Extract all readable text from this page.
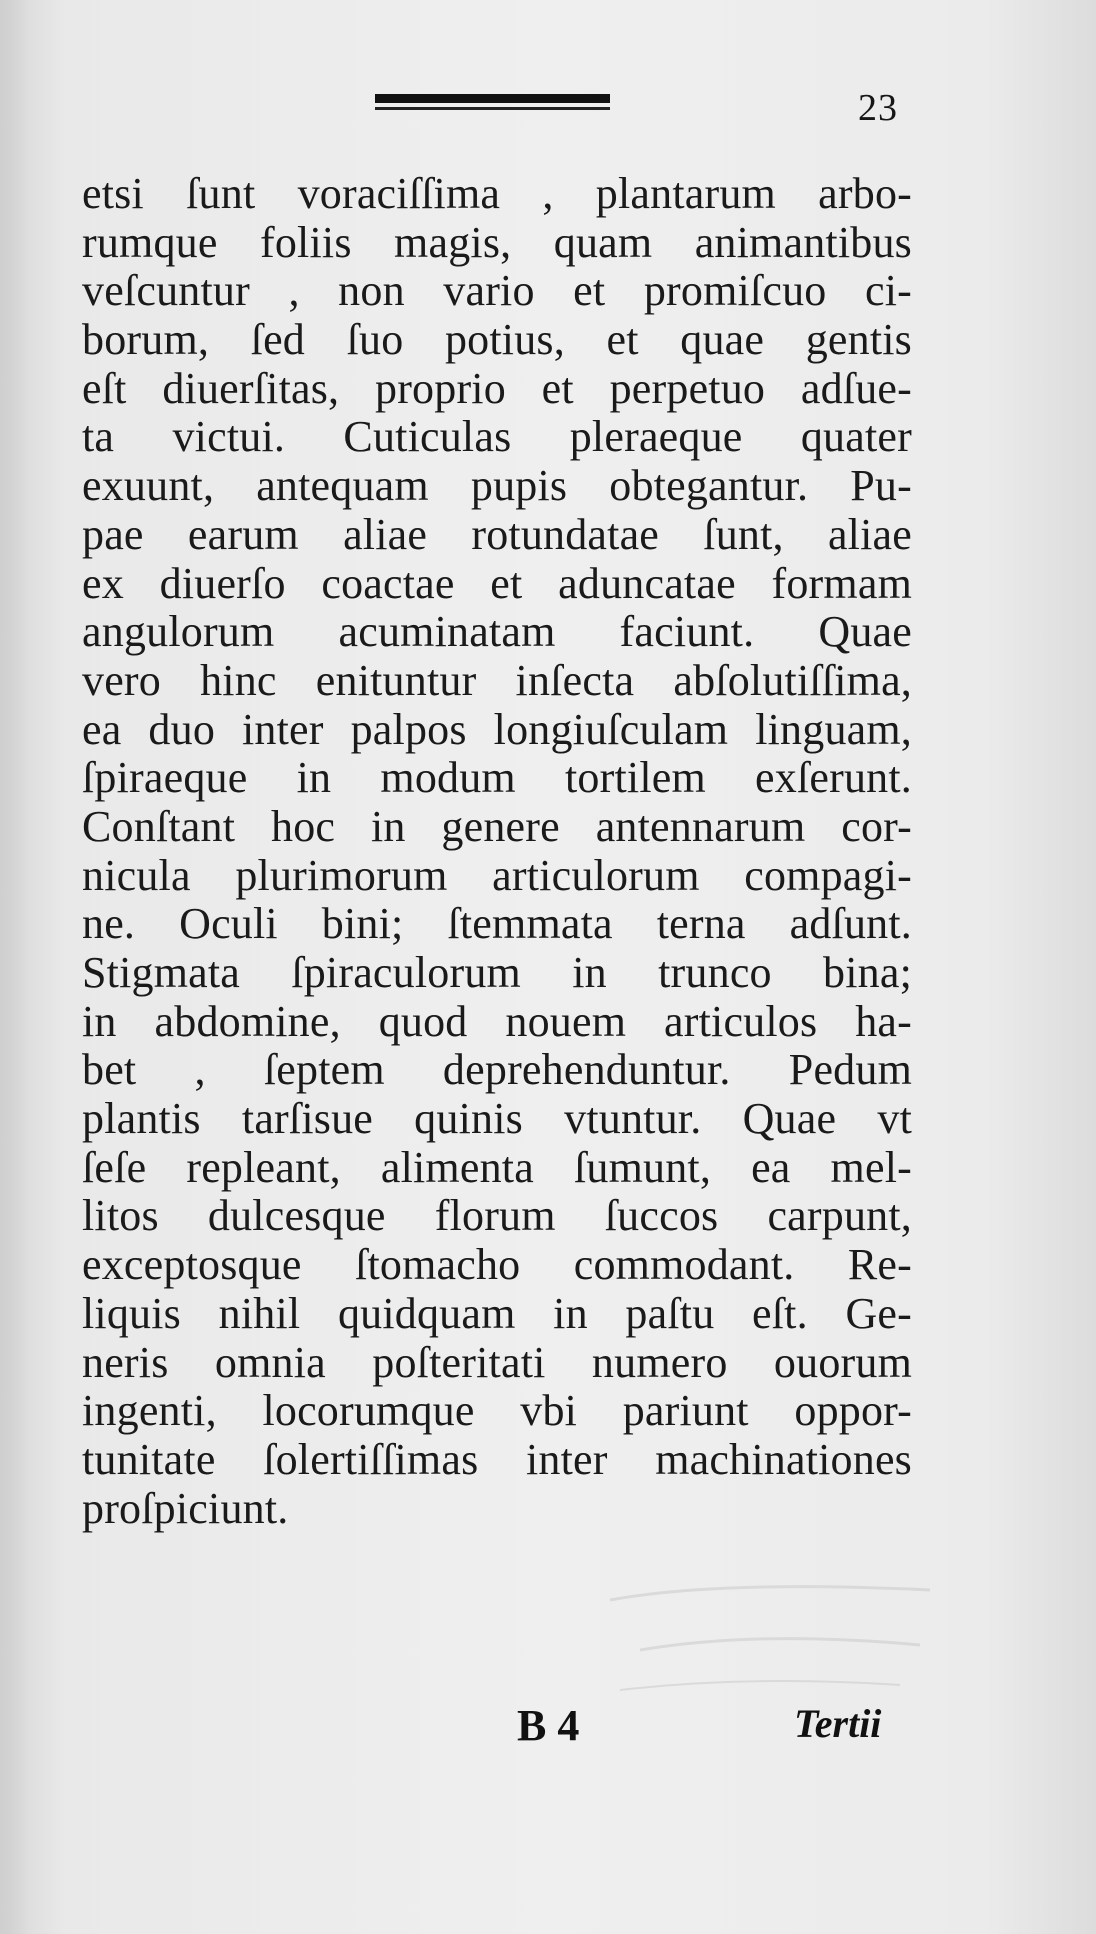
23
etsi ſunt voraciſſima , plantarum arbo-
rumque foliis magis, quam animantibus
veſcuntur , non vario et promiſcuo ci-
borum, ſed ſuo potius, et quae gentis
eſt diuerſitas, proprio et perpetuo adſue-
ta victui. Cuticulas pleraeque quater
exuunt, antequam pupis obtegantur. Pu-
pae earum aliae rotundatae ſunt, aliae
ex diuerſo coactae et aduncatae formam
angulorum acuminatam faciunt. Quae
vero hinc enituntur inſecta abſolutiſſima,
ea duo inter palpos longiuſculam linguam,
ſpiraeque in modum tortilem exſerunt.
Conſtant hoc in genere antennarum cor-
nicula plurimorum articulorum compagi-
ne. Oculi bini; ſtemmata terna adſunt.
Stigmata ſpiraculorum in trunco bina;
in abdomine, quod nouem articulos ha-
bet , ſeptem deprehenduntur. Pedum
plantis tarſisue quinis vtuntur. Quae vt
ſeſe repleant, alimenta ſumunt, ea mel-
litos dulcesque florum ſuccos carpunt,
exceptosque ſtomacho commodant. Re-
liquis nihil quidquam in paſtu eſt. Ge-
neris omnia poſteritati numero ouorum
ingenti, locorumque vbi pariunt oppor-
tunitate ſolertiſſimas inter machinationes
proſpiciunt.
B 4	Tertii
